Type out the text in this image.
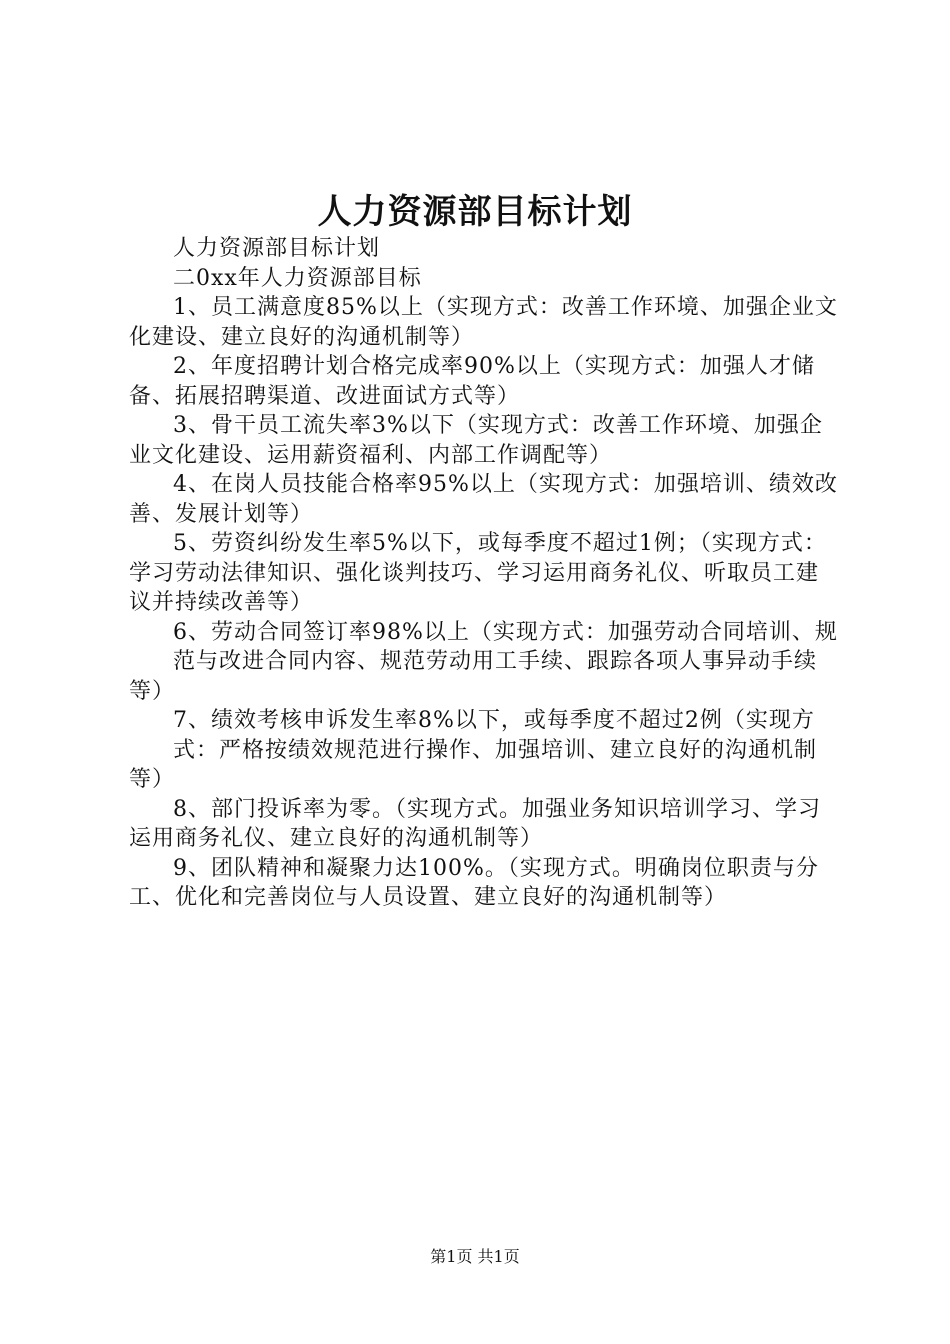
人力资源部目标计划

人力资源部目标计划

二0xx年人力资源部目标

1、员工满意度85%以上（实现方式：改善工作环境、加强企业文化建设、建立良好的沟通机制等）

2、年度招聘计划合格完成率90%以上（实现方式：加强人才储备、拓展招聘渠道、改进面试方式等）

3、骨干员工流失率3%以下（实现方式：改善工作环境、加强企业文化建设、运用薪资福利、内部工作调配等）

4、在岗人员技能合格率95%以上（实现方式：加强培训、绩效改善、发展计划等）

5、劳资纠纷发生率5%以下，或每季度不超过1例；（实现方式：学习劳动法律知识、强化谈判技巧、学习运用商务礼仪、听取员工建议并持续改善等）

6、劳动合同签订率98%以上（实现方式：加强劳动合同培训、规

范与改进合同内容、规范劳动用工手续、跟踪各项人事异动手续等）

7、绩效考核申诉发生率8%以下，或每季度不超过2例（实现方

式：严格按绩效规范进行操作、加强培训、建立良好的沟通机制等）

8、部门投诉率为零。（实现方式。加强业务知识培训学习、学习运用商务礼仪、建立良好的沟通机制等）

9、团队精神和凝聚力达100%。（实现方式。明确岗位职责与分工、优化和完善岗位与人员设置、建立良好的沟通机制等）

第1页 共1页
